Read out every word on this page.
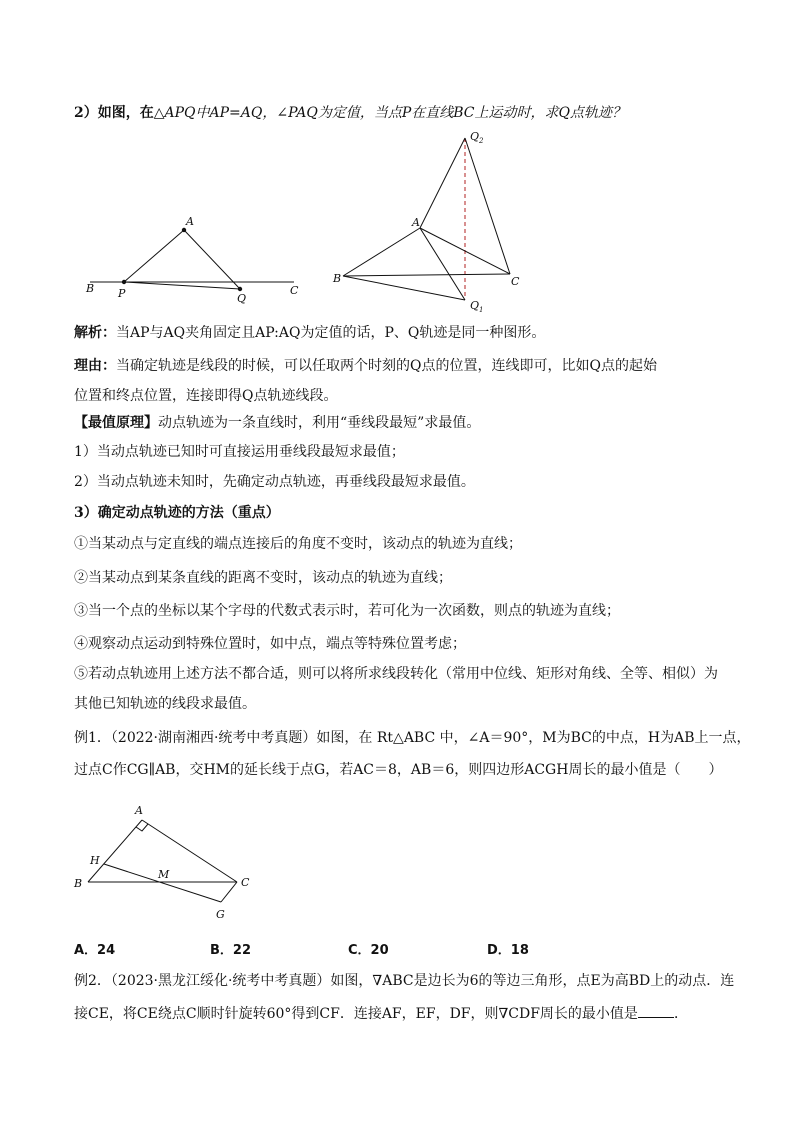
2）如图，在△APQ中AP=AQ，∠PAQ为定值，当点P在直线BC上运动时，求Q点轨迹？
A
B P	Q
C
$Q_2$
A
B	C
$Q_1$
解析：当AP与AQ夹角固定且AP:AQ为定值的话，P、Q轨迹是同一种图形。
理由：当确定轨迹是线段的时候，可以任取两个时刻的Q点的位置，连线即可，比如Q点的起始
位置和终点位置，连接即得Q点轨迹线段。
【最值原理】动点轨迹为一条直线时，利用“垂线段最短”求最值。
1）当动点轨迹已知时可直接运用垂线段最短求最值；
2）当动点轨迹未知时，先确定动点轨迹，再垂线段最短求最值。
3）确定动点轨迹的方法（重点）
①当某动点与定直线的端点连接后的角度不变时，该动点的轨迹为直线；
②当某动点到某条直线的距离不变时，该动点的轨迹为直线；
③当一个点的坐标以某个字母的代数式表示时，若可化为一次函数，则点的轨迹为直线；
④观察动点运动到特殊位置时，如中点，端点等特殊位置考虑；
⑤若动点轨迹用上述方法不都合适，则可以将所求线段转化（常用中位线、矩形对角线、全等、相似）为
其他已知轨迹的线段求最值。
例1．（2022·湖南湘西·统考中考真题）如图，在 Rt△ABC 中，∠A＝90°，M为BC的中点，H为AB上一点，
过点C作CG∥AB，交HM的延长线于点G，若AC＝8，AB＝6，则四边形ACGH周长的最小值是（　　）
A
H
B
M
C
G
A．24	B．22	C．20	D．18
例2．（2023·黑龙江绥化·统考中考真题）如图，∇ABC是边长为6的等边三角形，点E为高BD上的动点．连
接CE，将CE绕点C顺时针旋转60°得到CF．连接AF，EF，DF，则∇CDF周长的最小值是	．
